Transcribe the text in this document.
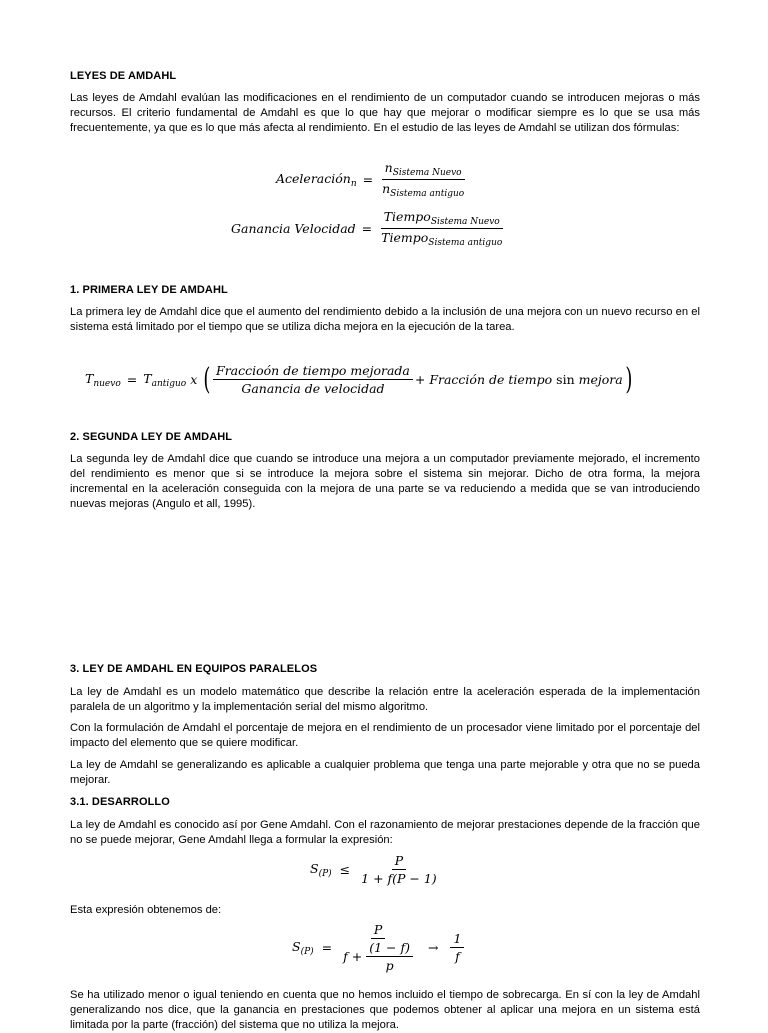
LEYES DE AMDAHL
Las leyes de Amdahl evalúan las modificaciones en el rendimiento de un computador cuando se introducen mejoras o más recursos. El criterio fundamental de Amdahl es que lo que hay que mejorar o modificar siempre es lo que se usa más frecuentemente, ya que es lo que más afecta al rendimiento. En el estudio de las leyes de Amdahl se utilizan dos fórmulas:
Aceleración$_n$ = $\frac{n_{Sistema Nuevo}}{n_{Sistema antiguo}}$
Ganancia Velocidad = $\frac{Tiempo_{Sistema Nuevo}}{Tiempo_{Sistema antiguo}}$
1. PRIMERA LEY DE AMDAHL
La primera ley de Amdahl dice que el aumento del rendimiento debido a la inclusión de una mejora con un nuevo recurso en el sistema está limitado por el tiempo que se utiliza dicha mejora en la ejecución de la tarea.
$T_{nuevo} = T_{antiguo}$ x ( $\frac{\text{Fraccioón de tiempo mejorada}}{\text{Ganancia de velocidad}}$ + Fracción de tiempo sin mejora )
2. SEGUNDA LEY DE AMDAHL
La segunda ley de Amdahl dice que cuando se introduce una mejora a un computador previamente mejorado, el incremento del rendimiento es menor que si se introduce la mejora sobre el sistema sin mejorar. Dicho de otra forma, la mejora incremental en la aceleración conseguida con la mejora de una parte se va reduciendo a medida que se van introduciendo nuevas mejoras (Angulo et all, 1995).
3. LEY DE AMDAHL EN EQUIPOS PARALELOS
La ley de Amdahl es un modelo matemático que describe la relación entre la aceleración esperada de la implementación paralela de un algoritmo y la implementación serial del mismo algoritmo.
Con la formulación de Amdahl el porcentaje de mejora en el rendimiento de un procesador viene limitado por el porcentaje del impacto del elemento que se quiere modificar.
La ley de Amdahl se generalizando es aplicable a cualquier problema que tenga una parte mejorable y otra que no se pueda mejorar.
3.1. DESARROLLO
La ley de Amdahl es conocido así por Gene Amdahl. Con el razonamiento de mejorar prestaciones depende de la fracción que no se puede mejorar, Gene Amdahl llega a formular la expresión:
$S_{(P)} \le \frac{P}{1 + f(P - 1)}$
Esta expresión obtenemos de:
$S_{(P)} = \frac{P}{f + \frac{(1 - f)}{p}} \to \frac{1}{f}$
Se ha utilizado menor o igual teniendo en cuenta que no hemos incluido el tiempo de sobrecarga. En sí con la ley de Amdahl generalizando nos dice, que la ganancia en prestaciones que podemos obtener al aplicar una mejora en un sistema está limitada por la parte (fracción) del sistema que no utiliza la mejora.
